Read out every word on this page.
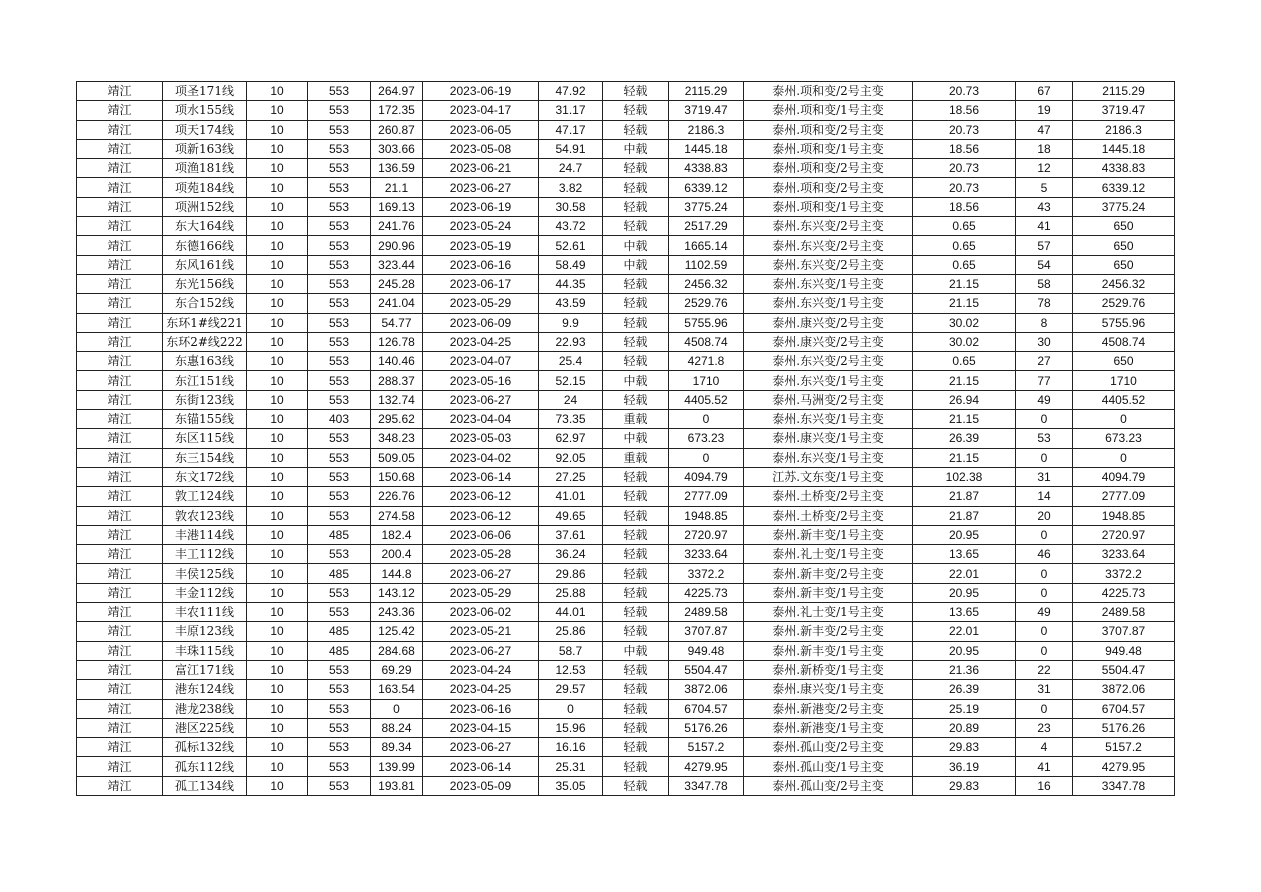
靖江	项圣171线	10	553	264.97	2023-06-19	47.92	轻载	2115.29	泰州.项和变/2号主变	20.73	67	2115.29
靖江	项水155线	10	553	172.35	2023-04-17	31.17	轻载	3719.47	泰州.项和变/1号主变	18.56	19	3719.47
靖江	项天174线	10	553	260.87	2023-06-05	47.17	轻载	2186.3	泰州.项和变/2号主变	20.73	47	2186.3
靖江	项新163线	10	553	303.66	2023-05-08	54.91	中载	1445.18	泰州.项和变/1号主变	18.56	18	1445.18
靖江	项渔181线	10	553	136.59	2023-06-21	24.7	轻载	4338.83	泰州.项和变/2号主变	20.73	12	4338.83
靖江	项苑184线	10	553	21.1	2023-06-27	3.82	轻载	6339.12	泰州.项和变/2号主变	20.73	5	6339.12
靖江	项洲152线	10	553	169.13	2023-06-19	30.58	轻载	3775.24	泰州.项和变/1号主变	18.56	43	3775.24
靖江	东大164线	10	553	241.76	2023-05-24	43.72	轻载	2517.29	泰州.东兴变/2号主变	0.65	41	650
靖江	东德166线	10	553	290.96	2023-05-19	52.61	中载	1665.14	泰州.东兴变/2号主变	0.65	57	650
靖江	东风161线	10	553	323.44	2023-06-16	58.49	中载	1102.59	泰州.东兴变/2号主变	0.65	54	650
靖江	东光156线	10	553	245.28	2023-06-17	44.35	轻载	2456.32	泰州.东兴变/1号主变	21.15	58	2456.32
靖江	东合152线	10	553	241.04	2023-05-29	43.59	轻载	2529.76	泰州.东兴变/1号主变	21.15	78	2529.76
靖江	东环1#线221	10	553	54.77	2023-06-09	9.9	轻载	5755.96	泰州.康兴变/2号主变	30.02	8	5755.96
靖江	东环2#线222	10	553	126.78	2023-04-25	22.93	轻载	4508.74	泰州.康兴变/2号主变	30.02	30	4508.74
靖江	东惠163线	10	553	140.46	2023-04-07	25.4	轻载	4271.8	泰州.东兴变/2号主变	0.65	27	650
靖江	东江151线	10	553	288.37	2023-05-16	52.15	中载	1710	泰州.东兴变/1号主变	21.15	77	1710
靖江	东街123线	10	553	132.74	2023-06-27	24	轻载	4405.52	泰州.马洲变/2号主变	26.94	49	4405.52
靖江	东锚155线	10	403	295.62	2023-04-04	73.35	重载	0	泰州.东兴变/1号主变	21.15	0	0
靖江	东区115线	10	553	348.23	2023-05-03	62.97	中载	673.23	泰州.康兴变/1号主变	26.39	53	673.23
靖江	东三154线	10	553	509.05	2023-04-02	92.05	重载	0	泰州.东兴变/1号主变	21.15	0	0
靖江	东文172线	10	553	150.68	2023-06-14	27.25	轻载	4094.79	江苏.文东变/1号主变	102.38	31	4094.79
靖江	敦工124线	10	553	226.76	2023-06-12	41.01	轻载	2777.09	泰州.土桥变/2号主变	21.87	14	2777.09
靖江	敦农123线	10	553	274.58	2023-06-12	49.65	轻载	1948.85	泰州.土桥变/2号主变	21.87	20	1948.85
靖江	丰港114线	10	485	182.4	2023-06-06	37.61	轻载	2720.97	泰州.新丰变/1号主变	20.95	0	2720.97
靖江	丰工112线	10	553	200.4	2023-05-28	36.24	轻载	3233.64	泰州.礼士变/1号主变	13.65	46	3233.64
靖江	丰侯125线	10	485	144.8	2023-06-27	29.86	轻载	3372.2	泰州.新丰变/2号主变	22.01	0	3372.2
靖江	丰金112线	10	553	143.12	2023-05-29	25.88	轻载	4225.73	泰州.新丰变/1号主变	20.95	0	4225.73
靖江	丰农111线	10	553	243.36	2023-06-02	44.01	轻载	2489.58	泰州.礼士变/1号主变	13.65	49	2489.58
靖江	丰原123线	10	485	125.42	2023-05-21	25.86	轻载	3707.87	泰州.新丰变/2号主变	22.01	0	3707.87
靖江	丰珠115线	10	485	284.68	2023-06-27	58.7	中载	949.48	泰州.新丰变/1号主变	20.95	0	949.48
靖江	富江171线	10	553	69.29	2023-04-24	12.53	轻载	5504.47	泰州.新桥变/1号主变	21.36	22	5504.47
靖江	港东124线	10	553	163.54	2023-04-25	29.57	轻载	3872.06	泰州.康兴变/1号主变	26.39	31	3872.06
靖江	港龙238线	10	553	0	2023-06-16	0	轻载	6704.57	泰州.新港变/2号主变	25.19	0	6704.57
靖江	港区225线	10	553	88.24	2023-04-15	15.96	轻载	5176.26	泰州.新港变/1号主变	20.89	23	5176.26
靖江	孤标132线	10	553	89.34	2023-06-27	16.16	轻载	5157.2	泰州.孤山变/2号主变	29.83	4	5157.2
靖江	孤东112线	10	553	139.99	2023-06-14	25.31	轻载	4279.95	泰州.孤山变/1号主变	36.19	41	4279.95
靖江	孤工134线	10	553	193.81	2023-05-09	35.05	轻载	3347.78	泰州.孤山变/2号主变	29.83	16	3347.78
